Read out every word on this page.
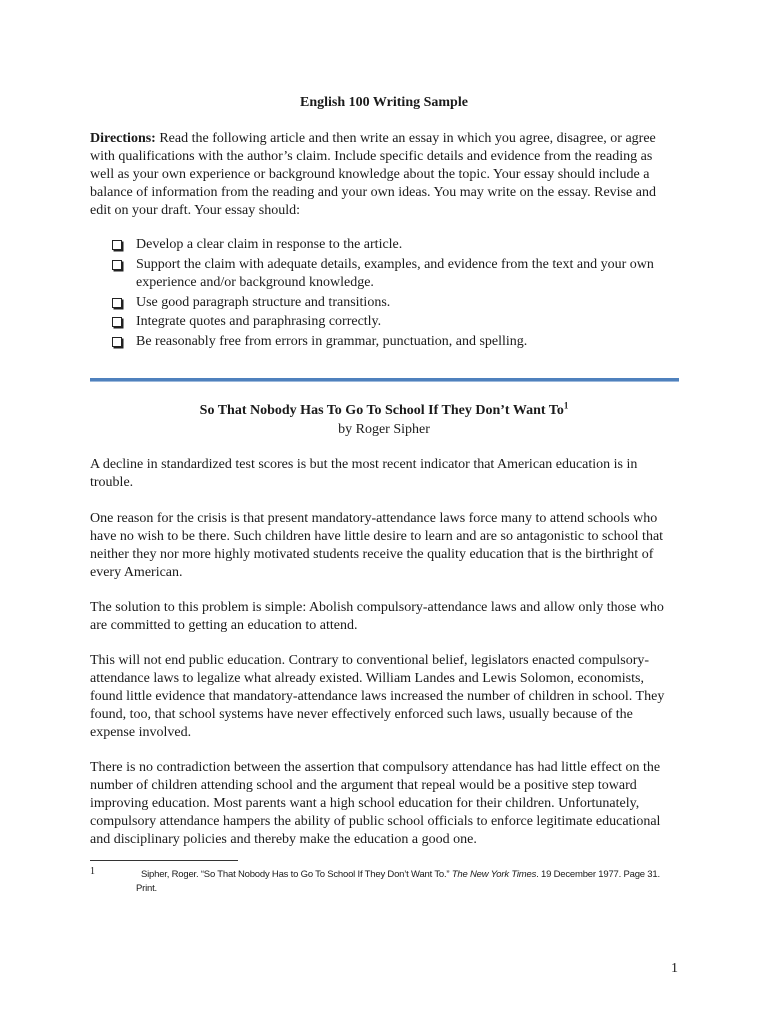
English 100 Writing Sample

Directions: Read the following article and then write an essay in which you agree, disagree, or agree with qualifications with the author’s claim. Include specific details and evidence from the reading as well as your own experience or background knowledge about the topic. Your essay should include a balance of information from the reading and your own ideas. You may write on the essay. Revise and edit on your draft. Your essay should:

Develop a clear claim in response to the article.
Support the claim with adequate details, examples, and evidence from the text and your own experience and/or background knowledge.
Use good paragraph structure and transitions.
Integrate quotes and paraphrasing correctly.
Be reasonably free from errors in grammar, punctuation, and spelling.
So That Nobody Has To Go To School If They Don’t Want To$^1$
by Roger Sipher

A decline in standardized test scores is but the most recent indicator that American education is in trouble.

One reason for the crisis is that present mandatory-attendance laws force many to attend schools who have no wish to be there. Such children have little desire to learn and are so antagonistic to school that neither they nor more highly motivated students receive the quality education that is the birthright of every American.

The solution to this problem is simple: Abolish compulsory-attendance laws and allow only those who are committed to getting an education to attend.

This will not end public education. Contrary to conventional belief, legislators enacted compulsory-attendance laws to legalize what already existed. William Landes and Lewis Solomon, economists, found little evidence that mandatory-attendance laws increased the number of children in school. They found, too, that school systems have never effectively enforced such laws, usually because of the expense involved.

There is no contradiction between the assertion that compulsory attendance has had little effect on the number of children attending school and the argument that repeal would be a positive step toward improving education. Most parents want a high school education for their children. Unfortunately, compulsory attendance hampers the ability of public school officials to enforce legitimate educational and disciplinary policies and thereby make the education a good one.

1	Sipher, Roger. “So That Nobody Has to Go To School If They Don’t Want To.” The New York Times. 19 December 1977. Page 31. Print.
1
